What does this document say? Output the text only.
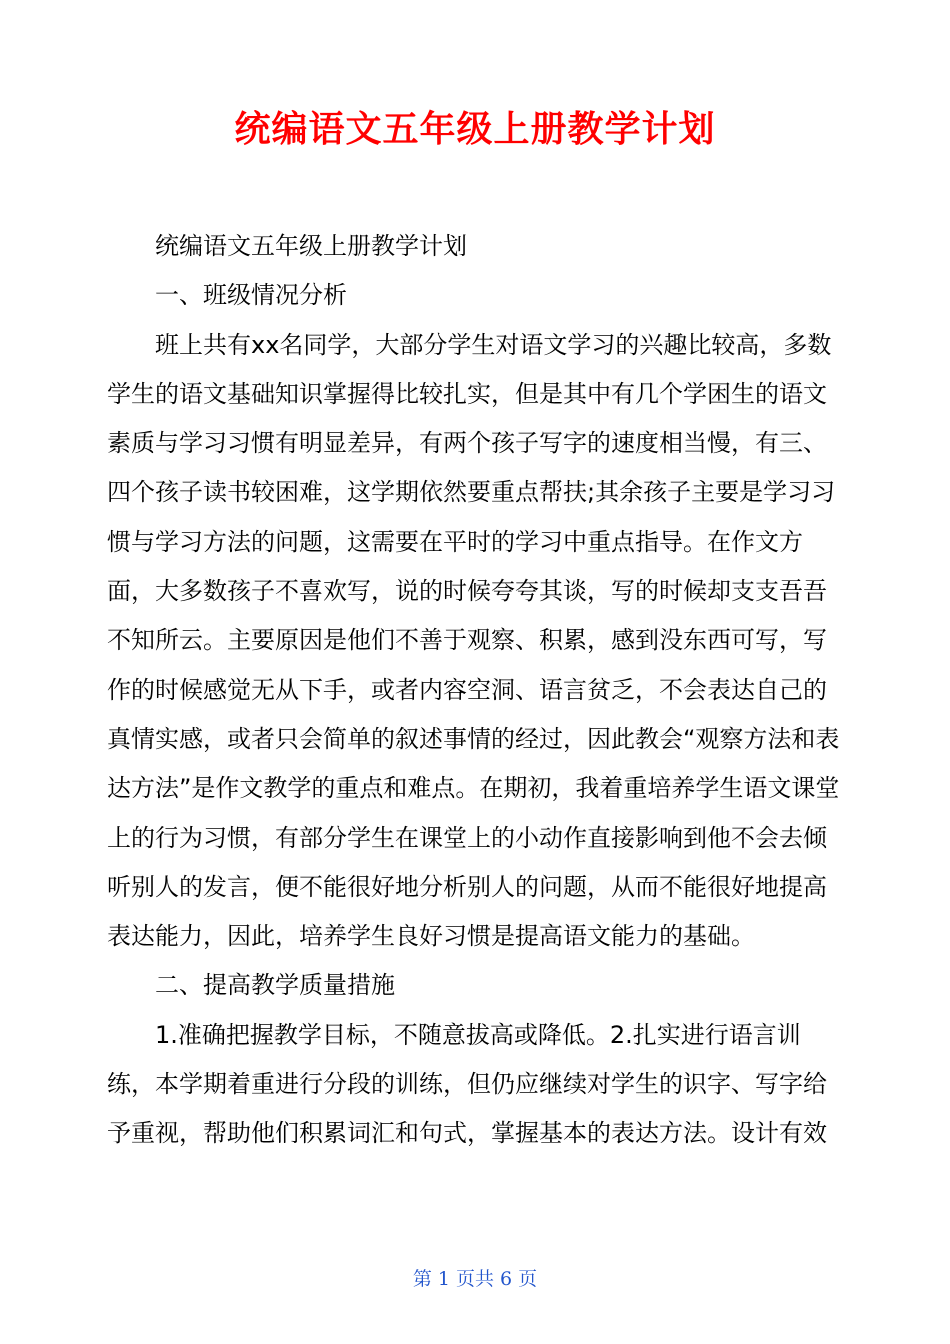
统编语文五年级上册教学计划

统编语文五年级上册教学计划

一、班级情况分析

班上共有xx名同学，大部分学生对语文学习的兴趣比较高，多数学生的语文基础知识掌握得比较扎实，但是其中有几个学困生的语文素质与学习习惯有明显差异，有两个孩子写字的速度相当慢，有三、四个孩子读书较困难，这学期依然要重点帮扶;其余孩子主要是学习习惯与学习方法的问题，这需要在平时的学习中重点指导。在作文方面，大多数孩子不喜欢写，说的时候夸夸其谈，写的时候却支支吾吾不知所云。主要原因是他们不善于观察、积累，感到没东西可写，写作的时候感觉无从下手，或者内容空洞、语言贫乏，不会表达自己的真情实感，或者只会简单的叙述事情的经过，因此教会“观察方法和表达方法”是作文教学的重点和难点。在期初，我着重培养学生语文课堂上的行为习惯，有部分学生在课堂上的小动作直接影响到他不会去倾听别人的发言，便不能很好地分析别人的问题，从而不能很好地提高表达能力，因此，培养学生良好习惯是提高语文能力的基础。

二、提高教学质量措施

1.准确把握教学目标，不随意拔高或降低。2.扎实进行语言训练，本学期着重进行分段的训练，但仍应继续对学生的识字、写字给予重视，帮助他们积累词汇和句式，掌握基本的表达方法。设计有效

第 1 页共 6 页
